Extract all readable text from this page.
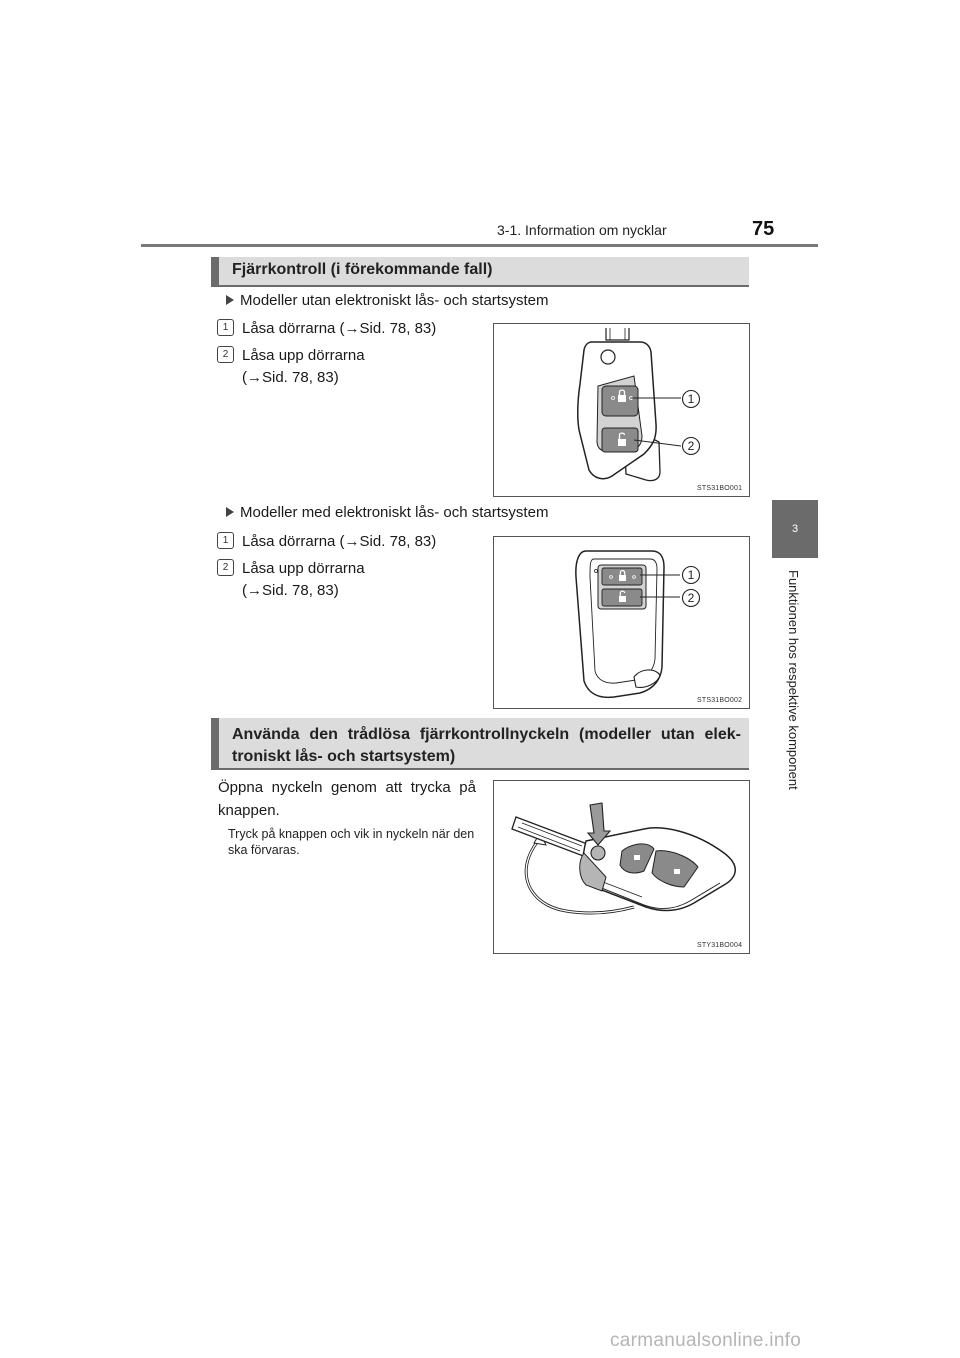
3-1. Information om nycklar	75
3
Funktionen hos respektive komponent
Fjärrkontroll (i förekommande fall)
Modeller utan elektroniskt lås- och startsystem
1 Låsa dörrarna (→Sid. 78, 83)
2 Låsa upp dörrarna
(→Sid. 78, 83)
1
2
STS31BO001
Modeller med elektroniskt lås- och startsystem
1 Låsa dörrarna (→Sid. 78, 83)
2 Låsa upp dörrarna
(→Sid. 78, 83)
1
2
STS31BO002
Använda den trådlösa fjärrkontrollnyckeln (modeller utan elek-troniskt lås- och startsystem)
Öppna nyckeln genom att trycka på knappen.
Tryck på knappen och vik in nyckeln när den ska förvaras.
STY31BO004
carmanualsonline.info
